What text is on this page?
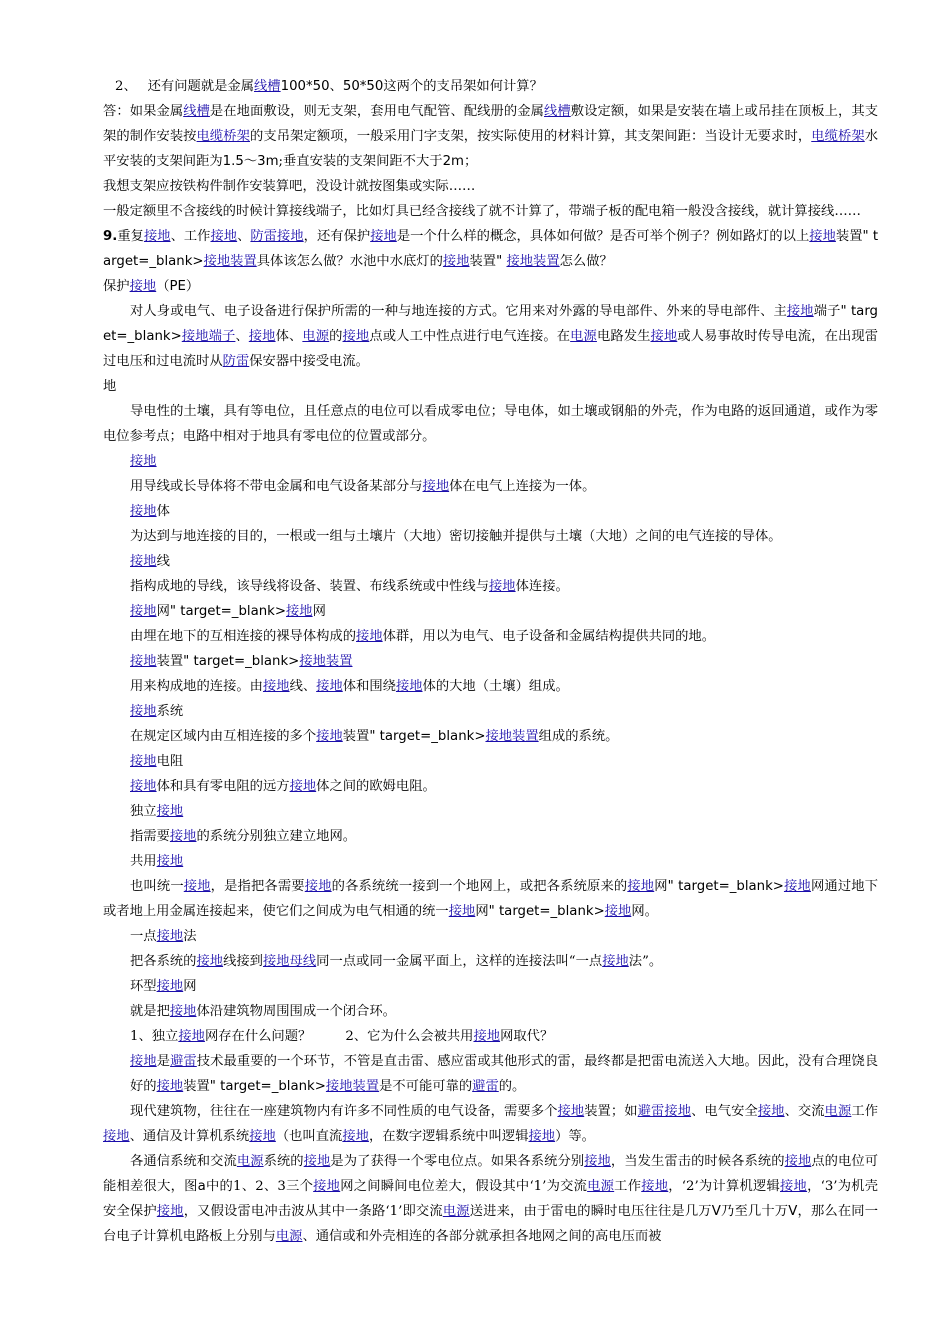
2、　 还有问题就是金属线槽100*50、50*50这两个的支吊架如何计算？

答：如果金属线槽是在地面敷设，则无支架，套用电气配管、配线册的金属线槽敷设定额，如果是安装在墙上或吊挂在顶板上，其支架的制作安装按电缆桥架的支吊架定额项，一般采用门字支架，按实际使用的材料计算，其支架间距：当设计无要求时，电缆桥架水平安装的支架间距为1.5～3m;垂直安装的支架间距不大于2m；

我想支架应按铁构件制作安装算吧，没设计就按图集或实际……

一般定额里不含接线的时候计算接线端子，比如灯具已经含接线了就不计算了，带端子板的配电箱一般没含接线，就计算接线……

9.重复接地、工作接地、防雷接地，还有保护接地是一个什么样的概念，具体如何做？是否可举个例子？例如路灯的以上接地装置" target=_blank>接地装置具体该怎么做？水池中水底灯的接地装置" 接地装置怎么做？

保护接地（PE）

对人身或电气、电子设备进行保护所需的一种与地连接的方式。它用来对外露的导电部件、外来的导电部件、主接地端子" target=_blank>接地端子、接地体、电源的接地点或人工中性点进行电气连接。在电源电路发生接地或人易事故时传导电流，在出现雷过电压和过电流时从防雷保安器中接受电流。

地

导电性的土壤，具有等电位，且任意点的电位可以看成零电位；导电体，如土壤或钢船的外壳，作为电路的返回通道，或作为零电位参考点；电路中相对于地具有零电位的位置或部分。

接地

用导线或长导体将不带电金属和电气设备某部分与接地体在电气上连接为一体。

接地体

为达到与地连接的目的，一根或一组与土壤片（大地）密切接触并提供与土壤（大地）之间的电气连接的导体。

接地线

指构成地的导线，该导线将设备、装置、布线系统或中性线与接地体连接。

接地网" target=_blank>接地网

由埋在地下的互相连接的裸导体构成的接地体群，用以为电气、电子设备和金属结构提供共同的地。

接地装置" target=_blank>接地装置

用来构成地的连接。由接地线、接地体和围绕接地体的大地（土壤）组成。

接地系统

在规定区域内由互相连接的多个接地装置" target=_blank>接地装置组成的系统。

接地电阻

接地体和具有零电阻的远方接地体之间的欧姆电阻。

独立接地

指需要接地的系统分别独立建立地网。

共用接地

也叫统一接地，是指把各需要接地的各系统统一接到一个地网上，或把各系统原来的接地网" target=_blank>接地网通过地下或者地上用金属连接起来，使它们之间成为电气相通的统一接地网" target=_blank>接地网。

一点接地法

把各系统的接地线接到接地母线同一点或同一金属平面上，这样的连接法叫“一点接地法”。

环型接地网

就是把接地体沿建筑物周围围成一个闭合环。

1、独立接地网存在什么问题？	2、它为什么会被共用接地网取代？

接地是避雷技术最重要的一个环节，不管是直击雷、感应雷或其他形式的雷，最终都是把雷电流送入大地。因此，没有合理饶良好的接地装置" target=_blank>接地装置是不可能可靠的避雷的。

现代建筑物，往往在一座建筑物内有许多不同性质的电气设备，需要多个接地装置；如避雷接地、电气安全接地、交流电源工作接地、通信及计算机系统接地（也叫直流接地，在数字逻辑系统中叫逻辑接地）等。

各通信系统和交流电源系统的接地是为了获得一个零电位点。如果各系统分别接地，当发生雷击的时候各系统的接地点的电位可能相差很大，图a中的1、2、3三个接地网之间瞬间电位差大，假设其中‘1’为交流电源工作接地，‘2’为计算机逻辑接地，‘3’为机壳安全保护接地，又假设雷电冲击波从其中一条路‘1’即交流电源送进来，由于雷电的瞬时电压往往是几万V乃至几十万V，那么在同一台电子计算机电路板上分别与电源、通信或和外壳相连的各部分就承担各地网之间的高电压而被
